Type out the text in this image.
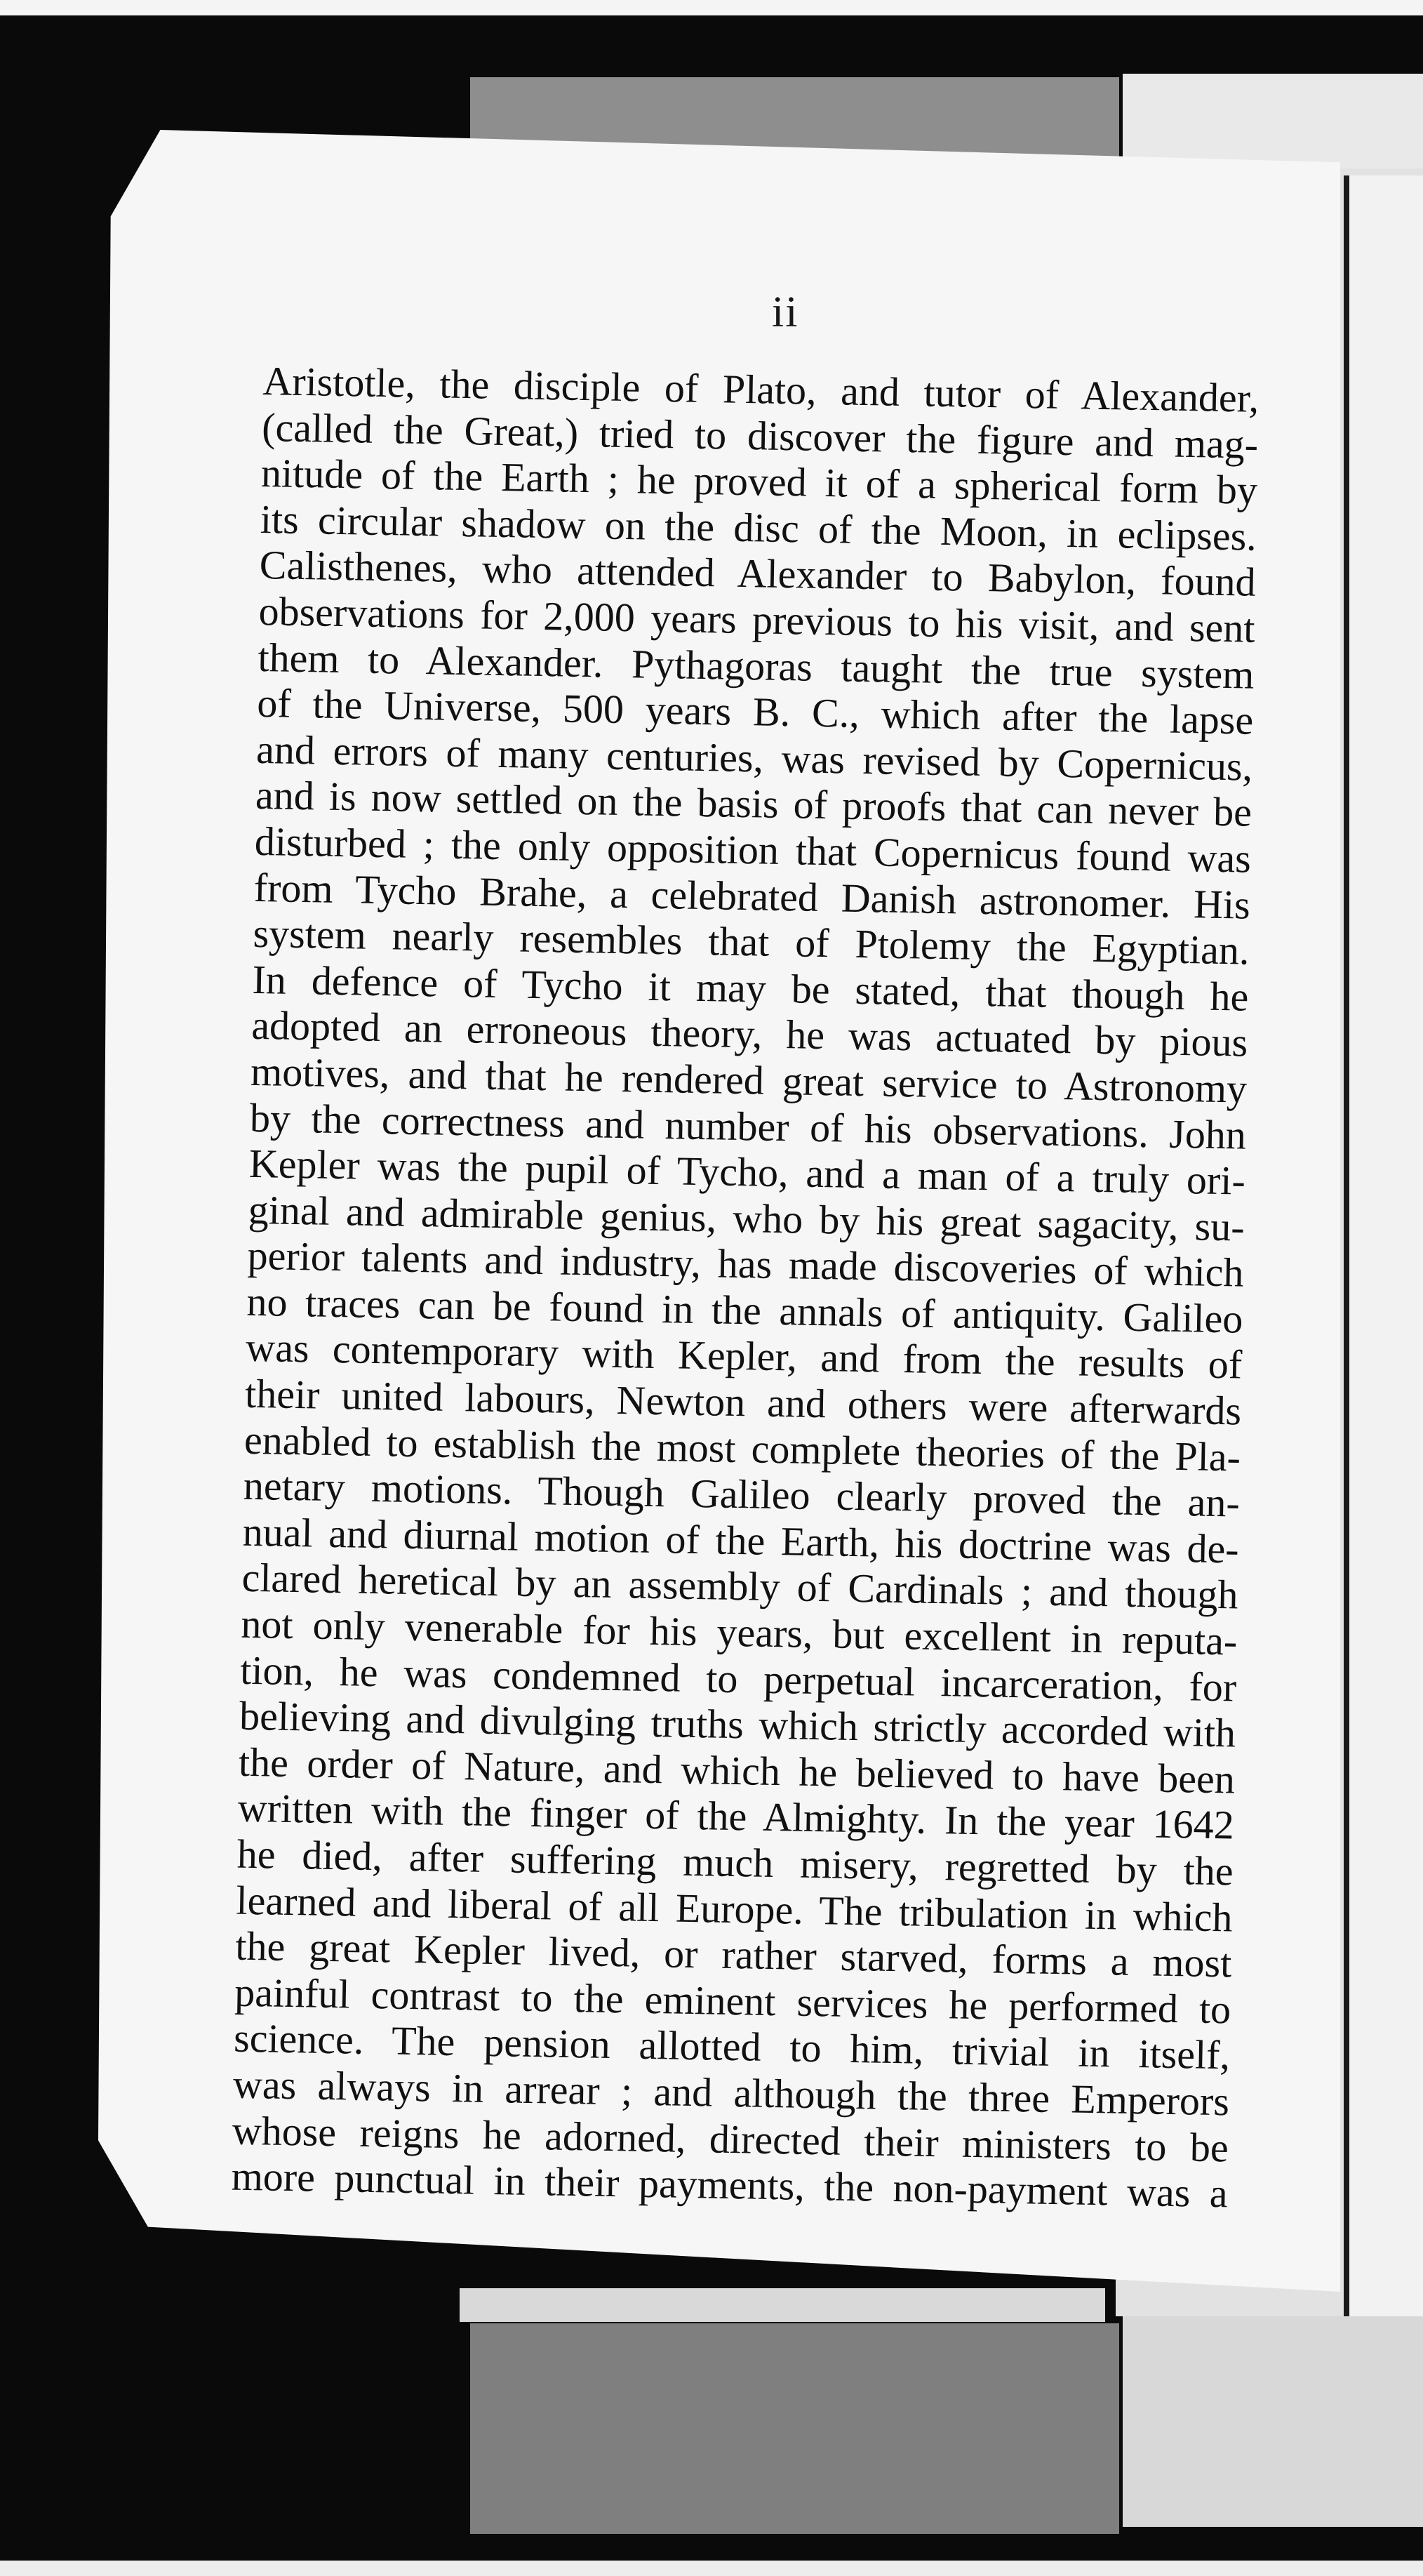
ii
Aristotle, the disciple of Plato, and tutor of Alexander,
(called the Great,) tried to discover the figure and mag-
nitude of the Earth ; he proved it of a spherical form by
its circular shadow on the disc of the Moon, in eclipses.
Calisthenes, who attended Alexander to Babylon, found
observations for 2,000 years previous to his visit, and sent
them to Alexander. Pythagoras taught the true system
of the Universe, 500 years B. C., which after the lapse
and errors of many centuries, was revised by Copernicus,
and is now settled on the basis of proofs that can never be
disturbed ; the only opposition that Copernicus found was
from Tycho Brahe, a celebrated Danish astronomer. His
system nearly resembles that of Ptolemy the Egyptian.
In defence of Tycho it may be stated, that though he
adopted an erroneous theory, he was actuated by pious
motives, and that he rendered great service to Astronomy
by the correctness and number of his observations. John
Kepler was the pupil of Tycho, and a man of a truly ori-
ginal and admirable genius, who by his great sagacity, su-
perior talents and industry, has made discoveries of which
no traces can be found in the annals of antiquity. Galileo
was contemporary with Kepler, and from the results of
their united labours, Newton and others were afterwards
enabled to establish the most complete theories of the Pla-
netary motions. Though Galileo clearly proved the an-
nual and diurnal motion of the Earth, his doctrine was de-
clared heretical by an assembly of Cardinals ; and though
not only venerable for his years, but excellent in reputa-
tion, he was condemned to perpetual incarceration, for
believing and divulging truths which strictly accorded with
the order of Nature, and which he believed to have been
written with the finger of the Almighty. In the year 1642
he died, after suffering much misery, regretted by the
learned and liberal of all Europe. The tribulation in which
the great Kepler lived, or rather starved, forms a most
painful contrast to the eminent services he performed to
science. The pension allotted to him, trivial in itself,
was always in arrear ; and although the three Emperors
whose reigns he adorned, directed their ministers to be
more punctual in their payments, the non-payment was a
